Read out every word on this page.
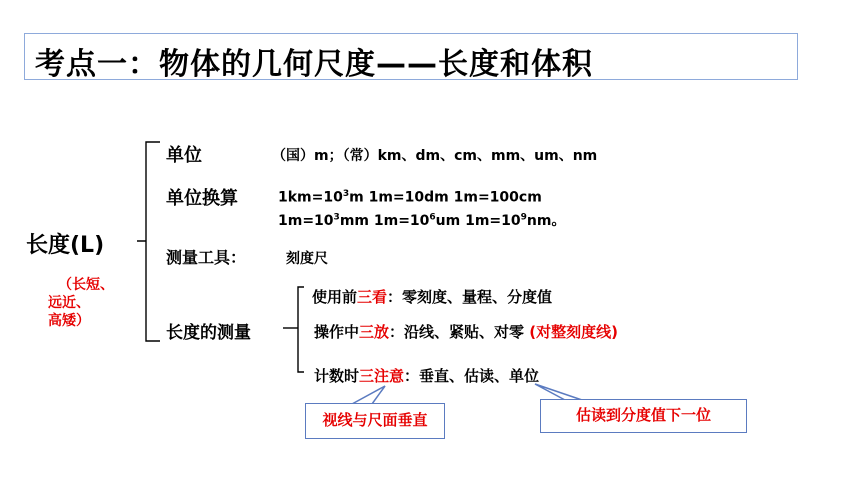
考点一：物体的几何尺度——长度和体积
长度(L)
（长短、
远近、
高矮）
单位	（国）m；（常）km、dm、cm、mm、um、nm
单位换算	$1km=10^3m$ 1m=10dm 1m=100cm
$1m=10^3mm$ $1m=10^6um$ $1m=10^9nm$。
测量工具：	刻度尺
长度的测量
使用前三看：零刻度、量程、分度值
操作中三放：沿线、紧贴、对零 (对整刻度线)
计数时三注意：垂直、估读、单位
视线与尺面垂直	估读到分度值下一位
